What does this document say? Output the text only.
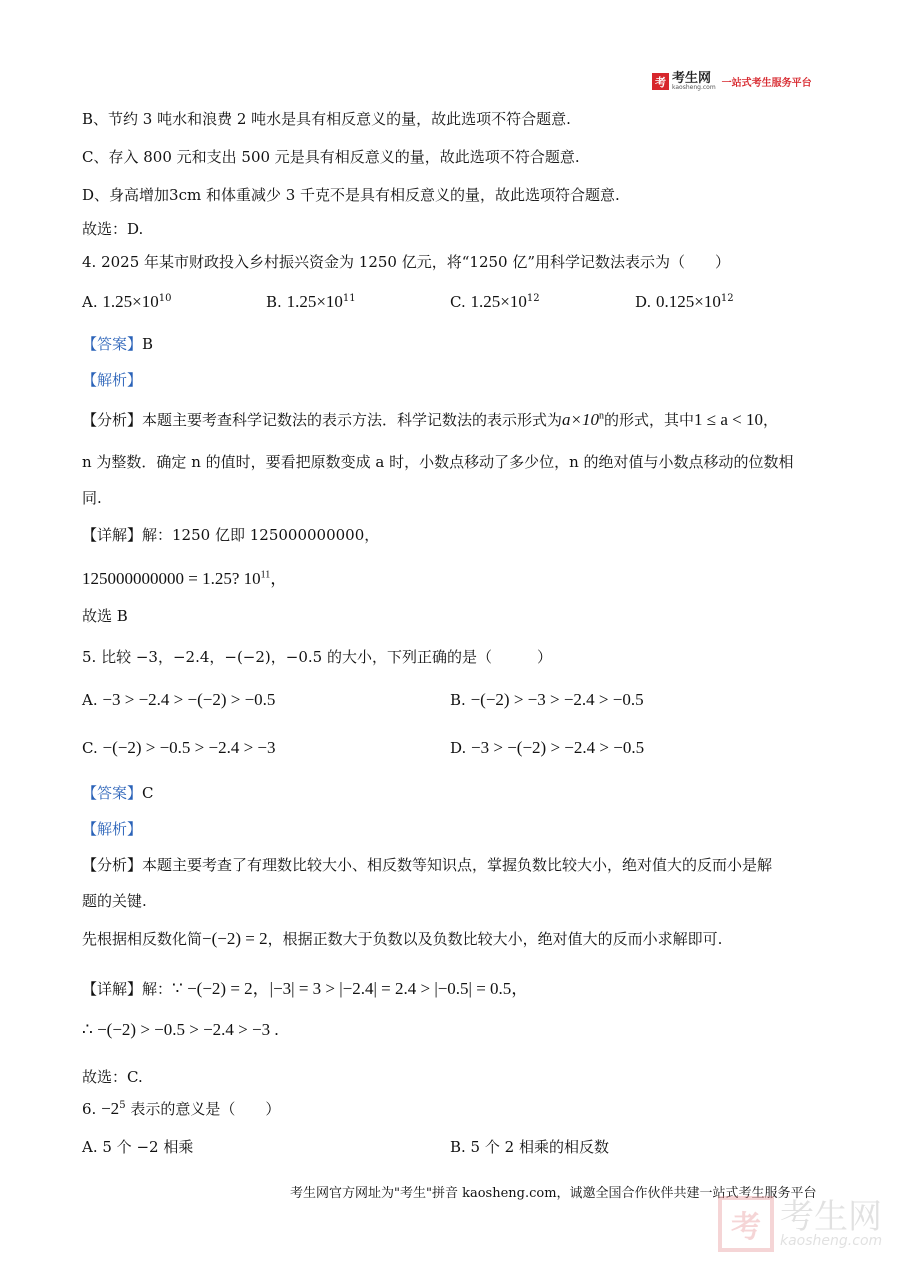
考 考生网
kaosheng.com 一站式考生服务平台
B、节约 3 吨水和浪费 2 吨水是具有相反意义的量，故此选项不符合题意.
C、存入 800 元和支出 500 元是具有相反意义的量，故此选项不符合题意.
D、身高增加3cm 和体重减少 3 千克不是具有相反意义的量，故此选项符合题意.
故选：D.
4. 2025 年某市财政投入乡村振兴资金为 1250 亿元，将“1250 亿”用科学记数法表示为（　　）
A. $1.25\times 10^{10}$	B. $1.25\times 10^{11}$	C. $1.25\times 10^{12}$	D. $0.125\times 10^{12}$
【答案】B
【解析】
【分析】本题主要考查科学记数法的表示方法．科学记数法的表示形式为$a\times 10^n$的形式，其中1 ≤ a < 10，
n 为整数．确定 n 的值时，要看把原数变成 a 时，小数点移动了多少位，n 的绝对值与小数点移动的位数相
同.
【详解】解：1250 亿即 125000000000，
125000000000 = 1.25? $10^{11}$，
故选 B
5. 比较 −3，−2.4，−(−2)，−0.5 的大小，下列正确的是（　　　）
A. −3 > −2.4 > −(−2) > −0.5	B. −(−2) > −3 > −2.4 > −0.5
C. −(−2) > −0.5 > −2.4 > −3	D. −3 > −(−2) > −2.4 > −0.5
【答案】C
【解析】
【分析】本题主要考查了有理数比较大小、相反数等知识点，掌握负数比较大小，绝对值大的反而小是解
题的关键.
先根据相反数化简−(−2) = 2，根据正数大于负数以及负数比较大小，绝对值大的反而小求解即可.
【详解】解：∵ −(−2) = 2，|−3| = 3 > |−2.4| = 2.4 > |−0.5| = 0.5，
∴ −(−2) > −0.5 > −2.4 > −3 .
故选：C.
6. $-2^5$ 表示的意义是（　　）
A. 5 个 −2 相乘	B. 5 个 2 相乘的相反数
考生网官方网址为"考生"拼音 kaosheng.com，诚邀全国合作伙伴共建一站式考生服务平台
考 考生网
kaosheng.com
